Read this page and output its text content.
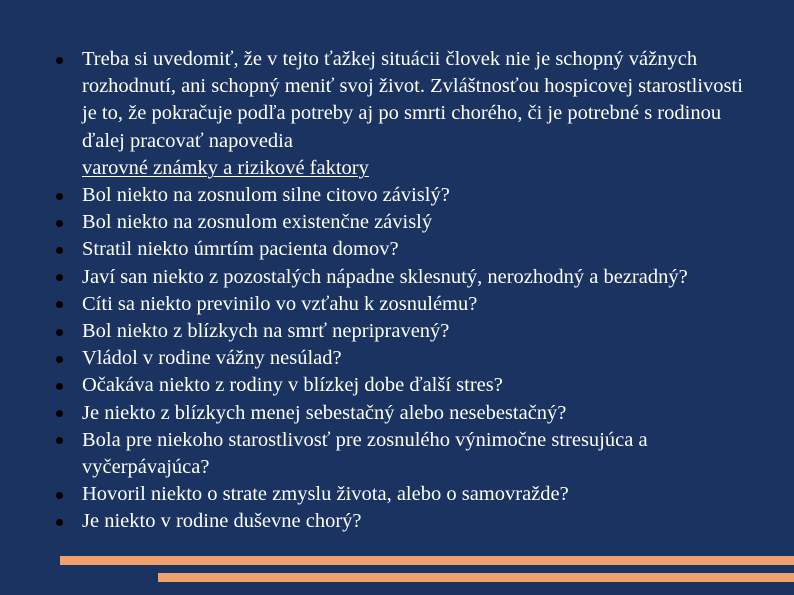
Treba si uvedomiť, že v tejto ťažkej situácii človek nie je schopný vážnych rozhodnutí, ani schopný meniť svoj život. Zvláštnosťou hospicovej starostlivosti je to, že pokračuje podľa potreby aj po smrti chorého, či je potrebné s rodinou ďalej pracovať napovedia
varovné známky a rizikové faktory
Bol niekto na zosnulom silne citovo závislý?
Bol niekto na zosnulom existenčne závislý
Stratil niekto úmrtím pacienta domov?
Javí san niekto z pozostalých nápadne sklesnutý, nerozhodný a bezradný?
Cíti sa niekto previnilo vo vzťahu k zosnulému?
Bol niekto z blízkych na smrť nepripravený?
Vládol v rodine vážny nesúlad?
Očakáva niekto z rodiny v blízkej dobe ďalší stres?
Je niekto z blízkych menej sebestačný alebo nesebestačný?
Bola pre niekoho starostlivosť pre zosnulého výnimočne stresujúca a vyčerpávajúca?
Hovoril niekto o strate zmyslu života, alebo o samovražde?
Je niekto v rodine duševne chorý?
